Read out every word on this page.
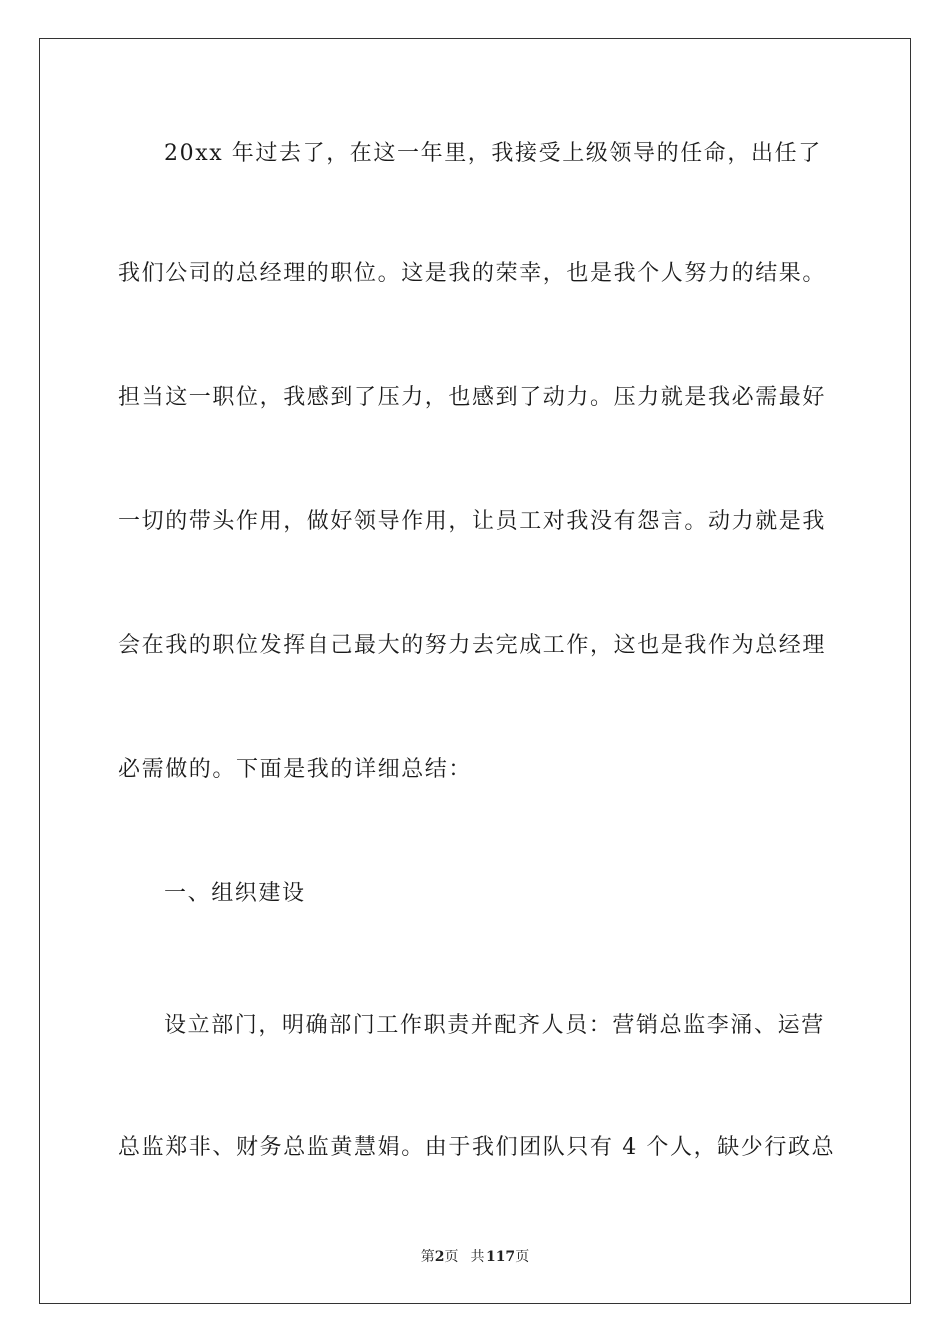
20xx 年过去了，在这一年里，我接受上级领导的任命，出任了
我们公司的总经理的职位。这是我的荣幸，也是我个人努力的结果。
担当这一职位，我感到了压力，也感到了动力。压力就是我必需最好
一切的带头作用，做好领导作用，让员工对我没有怨言。动力就是我
会在我的职位发挥自己最大的努力去完成工作，这也是我作为总经理
必需做的。下面是我的详细总结：
一、组织建设
设立部门，明确部门工作职责并配齐人员：营销总监李涌、运营
总监郑非、财务总监黄慧娟。由于我们团队只有 4 个人，缺少行政总
第2页 共 117页
